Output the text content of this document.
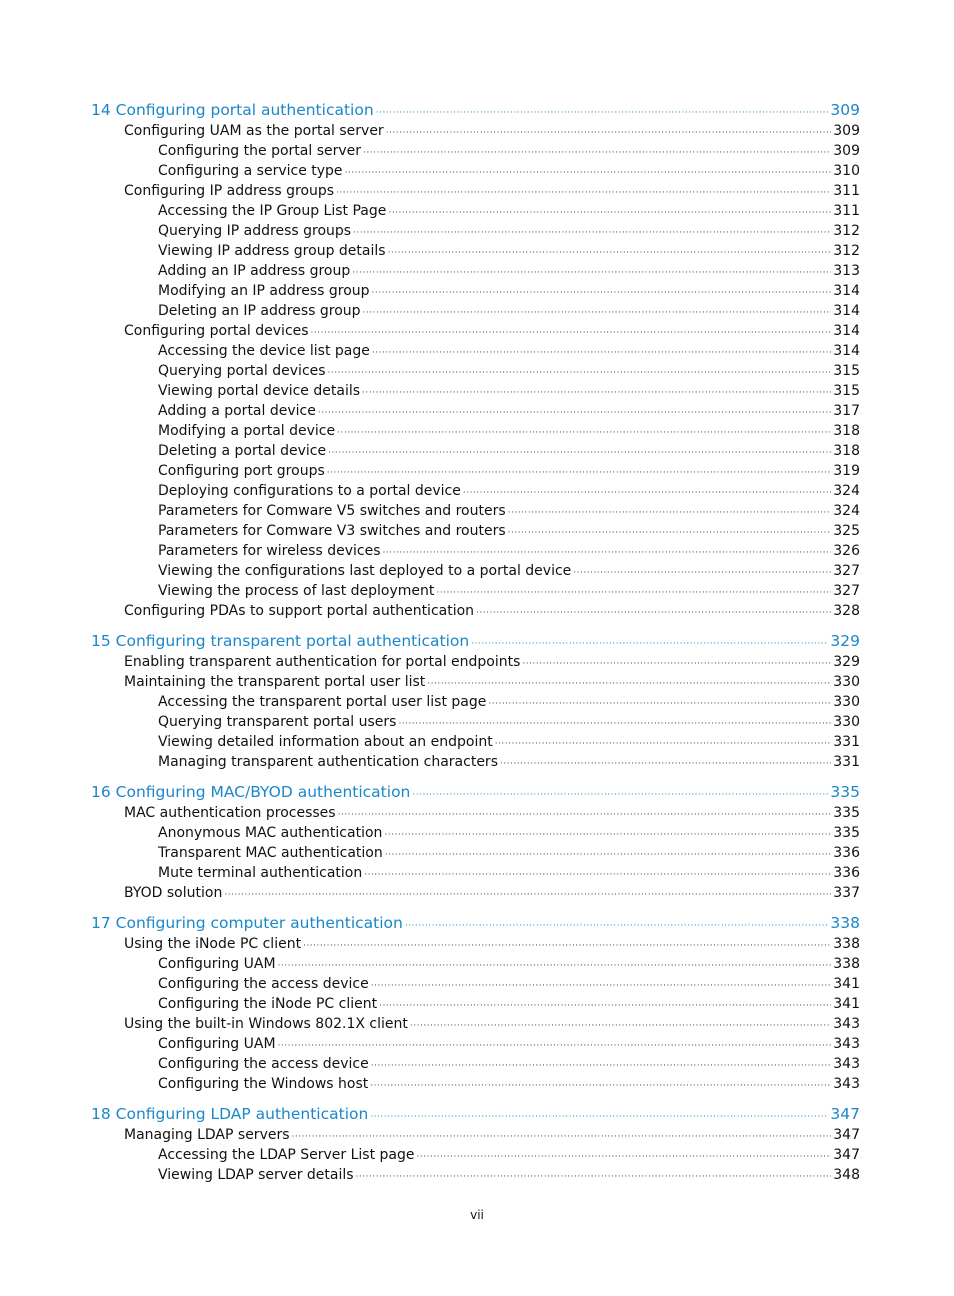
14 Configuring portal authentication ·····	309
Configuring UAM as the portal server ·····	309
Configuring the portal server ·····	309
Configuring a service type ·····	310
Configuring IP address groups ·····	311
Accessing the IP Group List Page ·····	311
Querying IP address groups ·····	312
Viewing IP address group details ·····	312
Adding an IP address group ·····	313
Modifying an IP address group ·····	314
Deleting an IP address group ·····	314
Configuring portal devices ·····	314
Accessing the device list page ·····	314
Querying portal devices ·····	315
Viewing portal device details ·····	315
Adding a portal device ·····	317
Modifying a portal device ·····	318
Deleting a portal device ·····	318
Configuring port groups ·····	319
Deploying configurations to a portal device ·····	324
Parameters for Comware V5 switches and routers ·····	324
Parameters for Comware V3 switches and routers ·····	325
Parameters for wireless devices ·····	326
Viewing the configurations last deployed to a portal device ·····	327
Viewing the process of last deployment ·····	327
Configuring PDAs to support portal authentication ·····	328
15 Configuring transparent portal authentication ·····	329
Enabling transparent authentication for portal endpoints ·····	329
Maintaining the transparent portal user list ·····	330
Accessing the transparent portal user list page ·····	330
Querying transparent portal users ·····	330
Viewing detailed information about an endpoint ·····	331
Managing transparent authentication characters ·····	331
16 Configuring MAC/BYOD authentication ·····	335
MAC authentication processes ·····	335
Anonymous MAC authentication ·····	335
Transparent MAC authentication ·····	336
Mute terminal authentication ·····	336
BYOD solution ·····	337
17 Configuring computer authentication ·····	338
Using the iNode PC client ·····	338
Configuring UAM ·····	338
Configuring the access device ·····	341
Configuring the iNode PC client ·····	341
Using the built-in Windows 802.1X client ·····	343
Configuring UAM ·····	343
Configuring the access device ·····	343
Configuring the Windows host ·····	343
18 Configuring LDAP authentication ·····	347
Managing LDAP servers ·····	347
Accessing the LDAP Server List page ·····	347
Viewing LDAP server details ·····	348
vii
